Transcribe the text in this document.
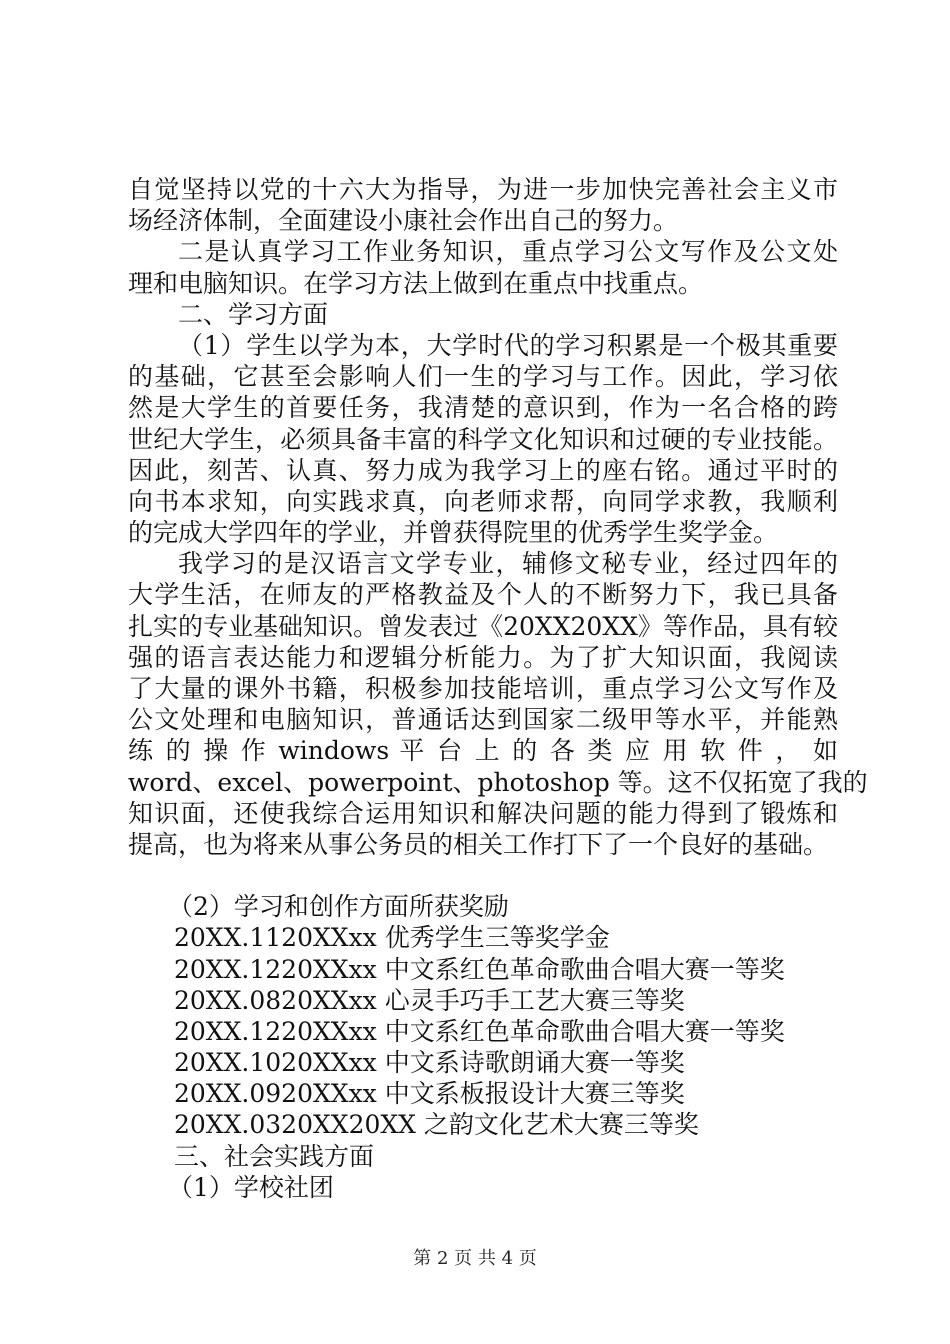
自觉坚持以党的十六大为指导，为进一步加快完善社会主义市
场经济体制，全面建设小康社会作出自己的努力。
二是认真学习工作业务知识，重点学习公文写作及公文处
理和电脑知识。在学习方法上做到在重点中找重点。
二、学习方面
（1）学生以学为本，大学时代的学习积累是一个极其重要
的基础，它甚至会影响人们一生的学习与工作。因此，学习依
然是大学生的首要任务，我清楚的意识到，作为一名合格的跨
世纪大学生，必须具备丰富的科学文化知识和过硬的专业技能。
因此，刻苦、认真、努力成为我学习上的座右铭。通过平时的
向书本求知，向实践求真，向老师求帮，向同学求教，我顺利
的完成大学四年的学业，并曾获得院里的优秀学生奖学金。
我学习的是汉语言文学专业，辅修文秘专业，经过四年的
大学生活，在师友的严格教益及个人的不断努力下，我已具备
扎实的专业基础知识。曾发表过《20XX20XX》等作品，具有较
强的语言表达能力和逻辑分析能力。为了扩大知识面，我阅读
了大量的课外书籍，积极参加技能培训，重点学习公文写作及
公文处理和电脑知识，普通话达到国家二级甲等水平，并能熟
练 的 操 作 windows 平 台 上 的 各 类 应 用 软 件 ， 如
word、excel、powerpoint、photoshop 等。这不仅拓宽了我的
知识面，还使我综合运用知识和解决问题的能力得到了锻炼和
提高，也为将来从事公务员的相关工作打下了一个良好的基础。
（2）学习和创作方面所获奖励
20XX.1120XXxx 优秀学生三等奖学金
20XX.1220XXxx 中文系红色革命歌曲合唱大赛一等奖
20XX.0820XXxx 心灵手巧手工艺大赛三等奖
20XX.1220XXxx 中文系红色革命歌曲合唱大赛一等奖
20XX.1020XXxx 中文系诗歌朗诵大赛一等奖
20XX.0920XXxx 中文系板报设计大赛三等奖
20XX.0320XX20XX 之韵文化艺术大赛三等奖
三、社会实践方面
（1）学校社团
第 2 页 共 4 页
